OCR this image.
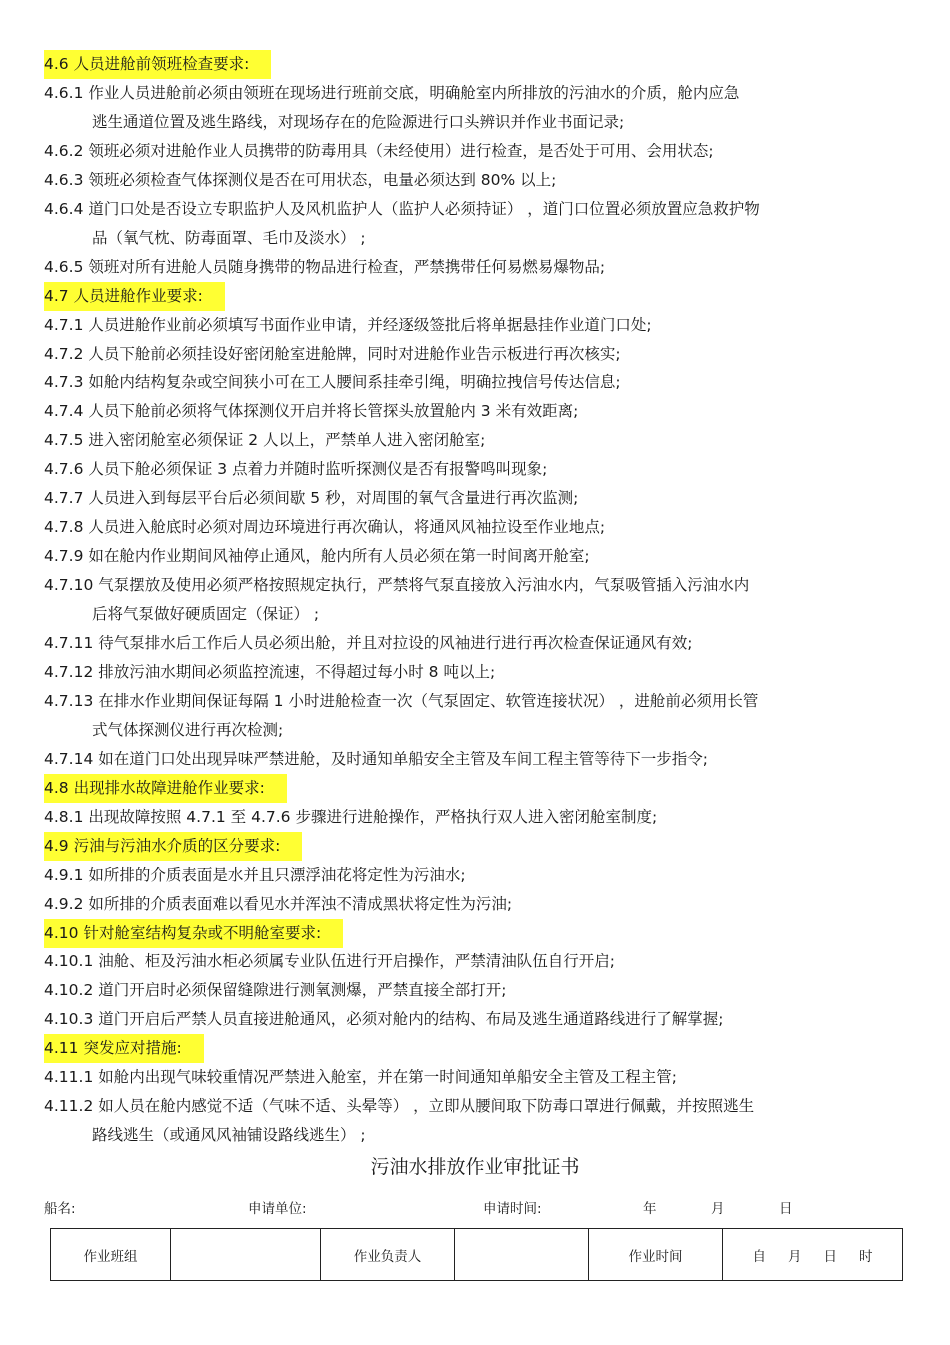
4.6 人员进舱前领班检查要求:
4.6.1 作业人员进舱前必须由领班在现场进行班前交底，明确舱室内所排放的污油水的介质，舱内应急
逃生通道位置及逃生路线，对现场存在的危险源进行口头辨识并作业书面记录;
4.6.2 领班必须对进舱作业人员携带的防毒用具（未经使用）进行检查，是否处于可用、会用状态;
4.6.3 领班必须检查气体探测仪是否在可用状态，电量必须达到 80% 以上;
4.6.4 道门口处是否设立专职监护人及风机监护人（监护人必须持证） ，道门口位置必须放置应急救护物
品（氧气枕、防毒面罩、毛巾及淡水） ;
4.6.5 领班对所有进舱人员随身携带的物品进行检查，严禁携带任何易燃易爆物品;
4.7 人员进舱作业要求:
4.7.1 人员进舱作业前必须填写书面作业申请，并经逐级签批后将单据悬挂作业道门口处;
4.7.2 人员下舱前必须挂设好密闭舱室进舱牌，同时对进舱作业告示板进行再次核实;
4.7.3 如舱内结构复杂或空间狭小可在工人腰间系挂牵引绳，明确拉拽信号传达信息;
4.7.4 人员下舱前必须将气体探测仪开启并将长管探头放置舱内 3 米有效距离;
4.7.5 进入密闭舱室必须保证 2 人以上，严禁单人进入密闭舱室;
4.7.6 人员下舱必须保证 3 点着力并随时监听探测仪是否有报警鸣叫现象;
4.7.7 人员进入到每层平台后必须间歇 5 秒，对周围的氧气含量进行再次监测;
4.7.8 人员进入舱底时必须对周边环境进行再次确认，将通风风袖拉设至作业地点;
4.7.9 如在舱内作业期间风袖停止通风，舱内所有人员必须在第一时间离开舱室;
4.7.10 气泵摆放及使用必须严格按照规定执行，严禁将气泵直接放入污油水内，气泵吸管插入污油水内
后将气泵做好硬质固定（保证） ;
4.7.11 待气泵排水后工作后人员必须出舱，并且对拉设的风袖进行进行再次检查保证通风有效;
4.7.12 排放污油水期间必须监控流速，不得超过每小时 8 吨以上;
4.7.13 在排水作业期间保证每隔 1 小时进舱检查一次（气泵固定、软管连接状况） ，进舱前必须用长管
式气体探测仪进行再次检测;
4.7.14 如在道门口处出现异味严禁进舱，及时通知单船安全主管及车间工程主管等待下一步指令;
4.8 出现排水故障进舱作业要求:
4.8.1 出现故障按照 4.7.1 至 4.7.6 步骤进行进舱操作，严格执行双人进入密闭舱室制度;
4.9 污油与污油水介质的区分要求:
4.9.1 如所排的介质表面是水并且只漂浮油花将定性为污油水;
4.9.2 如所排的介质表面难以看见水并浑浊不清成黑状将定性为污油;
4.10 针对舱室结构复杂或不明舱室要求:
4.10.1 油舱、柜及污油水柜必须属专业队伍进行开启操作，严禁清油队伍自行开启;
4.10.2 道门开启时必须保留缝隙进行测氧测爆，严禁直接全部打开;
4.10.3 道门开启后严禁人员直接进舱通风，必须对舱内的结构、布局及逃生通道路线进行了解掌握;
4.11 突发应对措施:
4.11.1 如舱内出现气味较重情况严禁进入舱室，并在第一时间通知单船安全主管及工程主管;
4.11.2 如人员在舱内感觉不适（气味不适、头晕等） ，立即从腰间取下防毒口罩进行佩戴，并按照逃生
路线逃生（或通风风袖铺设路线逃生） ;
污油水排放作业审批证书
船名:	申请单位:	申请时间:	年	月	日
作业班组		作业负责人		作业时间	自 月 日 时
